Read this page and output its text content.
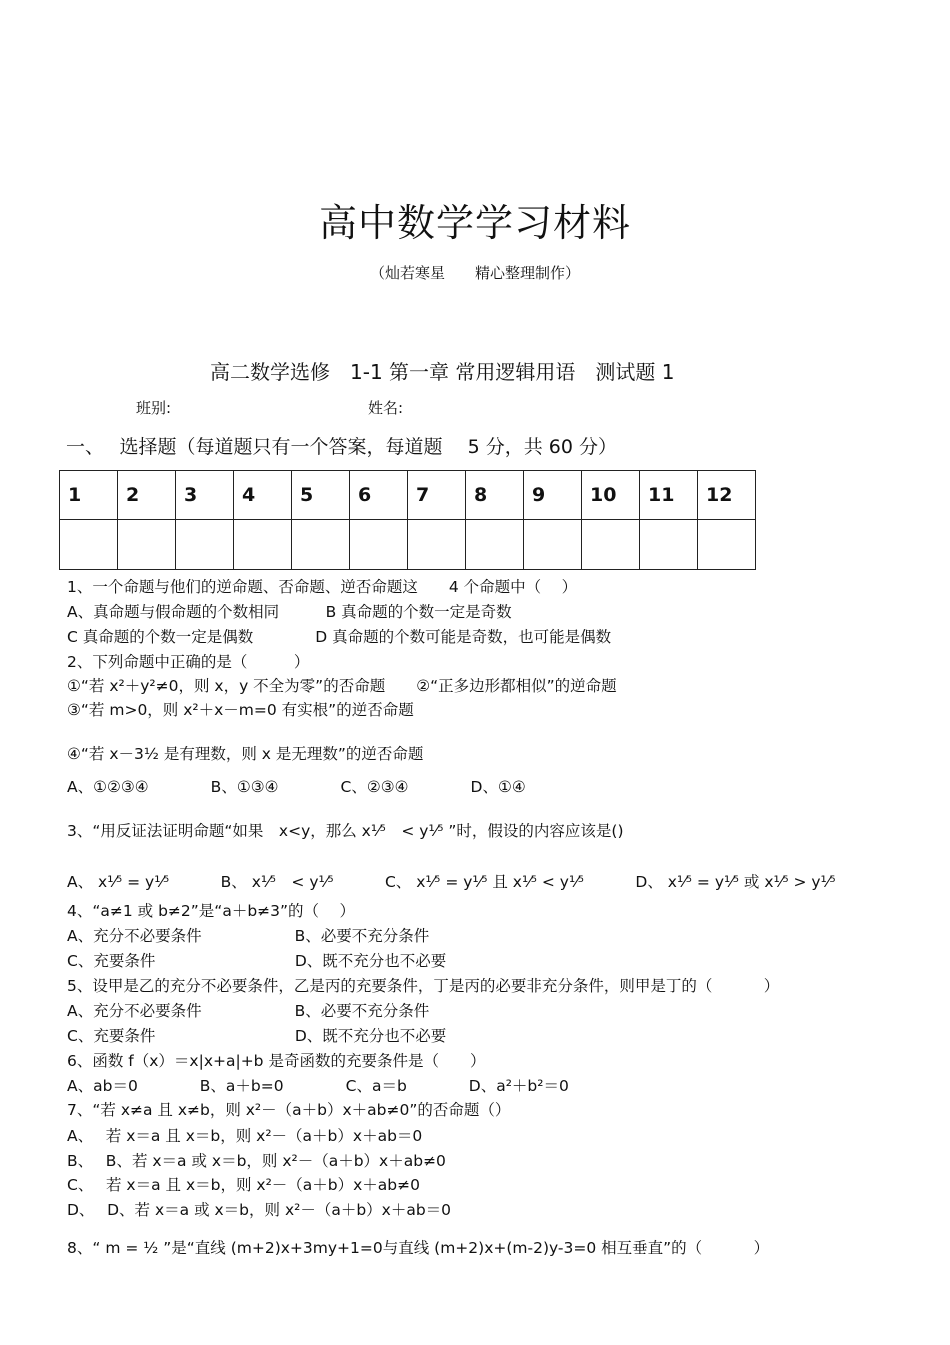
高中数学学习材料
（灿若寒星　　精心整理制作）
高二数学选修　1-1 第一章 常用逻辑用语　测试题 1
班别:	姓名:
一、　 选择题（每道题只有一个答案，每道题　 5 分，共 60 分）
1	2	3	4	5	6	7	8	9	10	11	12

1、一个命题与他们的逆命题、否命题、逆否命题这　　4 个命题中（　 ）
A、真命题与假命题的个数相同　　　B 真命题的个数一定是奇数
C 真命题的个数一定是偶数　　　　D 真命题的个数可能是奇数，也可能是偶数
2、下列命题中正确的是（　　　）
①“若 x²＋y²≠0，则 x，y 不全为零”的否命题　　②“正多边形都相似”的逆命题
③“若 m>0，则 x²＋x－m=0 有实根”的逆否命题
④“若 x－3½ 是有理数，则 x 是无理数”的逆否命题
A、①②③④　　　　B、①③④　　　　C、②③④　　　　D、①④
3、“用反证法证明命题“如果　x<y，那么 x¹⁄⁵　< y¹⁄⁵ ”时，假设的内容应该是()
A、 x¹⁄⁵ = y¹⁄⁵　　　 B、 x¹⁄⁵　< y¹⁄⁵　　　 C、 x¹⁄⁵ = y¹⁄⁵ 且 x¹⁄⁵ < y¹⁄⁵　　　 D、 x¹⁄⁵ = y¹⁄⁵ 或 x¹⁄⁵ > y¹⁄⁵
4、“a≠1 或 b≠2”是“a＋b≠3”的（　 ）
A、充分不必要条件　　　　　　B、必要不充分条件
C、充要条件　　　　　　　　　D、既不充分也不必要
5、设甲是乙的充分不必要条件，乙是丙的充要条件，丁是丙的必要非充分条件，则甲是丁的（　　　 ）
A、充分不必要条件　　　　　　B、必要不充分条件
C、充要条件　　　　　　　　　D、既不充分也不必要
6、函数 f（x）＝x|x+a|+b 是奇函数的充要条件是（　　）
A、ab＝0　　　　B、a＋b=0　　　　C、a＝b　　　　D、a²＋b²＝0
7、“若 x≠a 且 x≠b，则 x²－（a＋b）x＋ab≠0”的否命题（）
A、　 若 x＝a 且 x＝b，则 x²－（a＋b）x＋ab＝0
B、　 B、若 x＝a 或 x＝b，则 x²－（a＋b）x＋ab≠0
C、　 若 x＝a 且 x＝b，则 x²－（a＋b）x＋ab≠0
D、　 D、若 x＝a 或 x＝b，则 x²－（a＋b）x＋ab＝0
8、“ m = ½ ”是“直线 (m+2)x+3my+1=0与直线 (m+2)x+(m-2)y-3=0 相互垂直”的（　　　 ）
